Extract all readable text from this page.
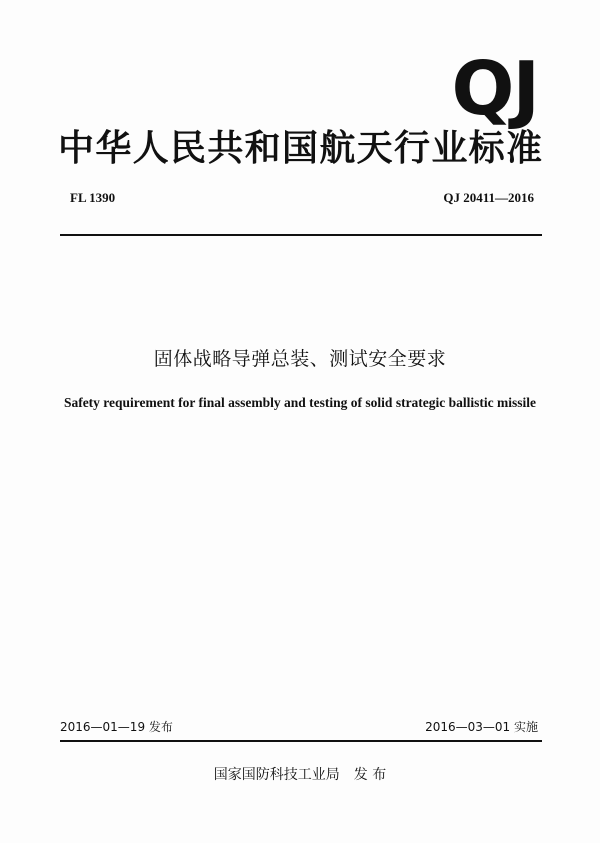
QJ
中华人民共和国航天行业标准
FL 1390	QJ 20411—2016
固体战略导弹总装、测试安全要求
Safety requirement for final assembly and testing of solid strategic ballistic missile
2016—01—19 发布	2016—03—01 实施
国家国防科技工业局 发 布
